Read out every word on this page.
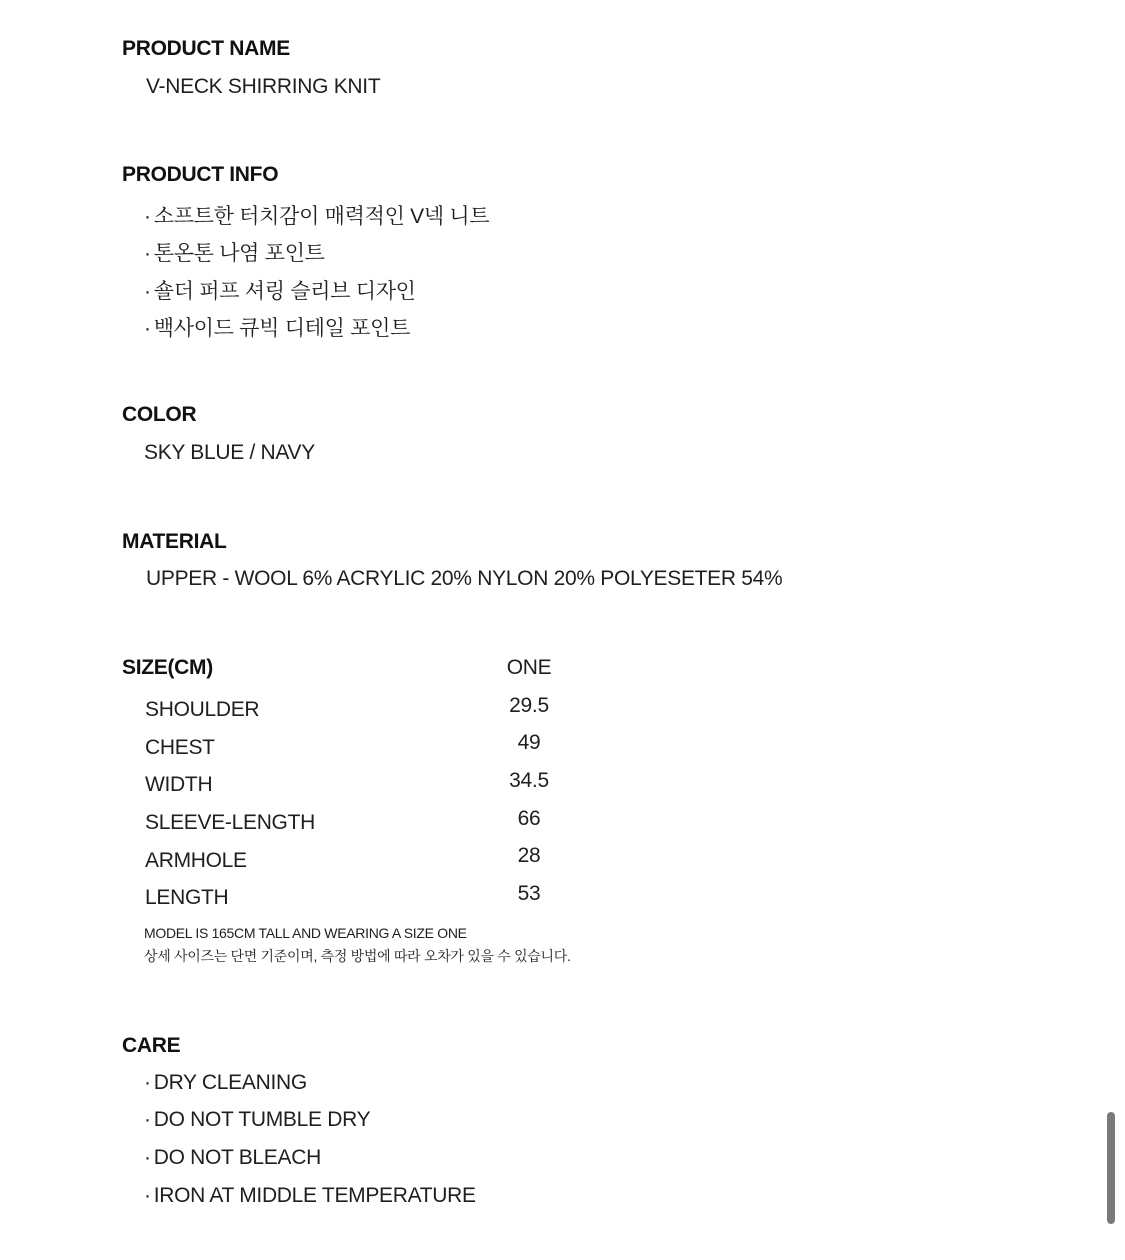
PRODUCT NAME
V-NECK SHIRRING KNIT
PRODUCT INFO
· 소프트한 터치감이 매력적인 V넥 니트
· 톤온톤 나염 포인트
· 숄더 퍼프 셔링 슬리브 디자인
· 백사이드 큐빅 디테일 포인트
COLOR
SKY BLUE / NAVY
MATERIAL
UPPER - WOOL 6% ACRYLIC 20% NYLON 20% POLYESETER 54%
SIZE(CM)	ONE
SHOULDER	29.5
CHEST	49
WIDTH	34.5
SLEEVE-LENGTH	66
ARMHOLE	28
LENGTH	53
MODEL IS 165CM TALL AND WEARING A SIZE ONE
상세 사이즈는 단면 기준이며, 측정 방법에 따라 오차가 있을 수 있습니다.
CARE
· DRY CLEANING
· DO NOT TUMBLE DRY
· DO NOT BLEACH
· IRON AT MIDDLE TEMPERATURE
